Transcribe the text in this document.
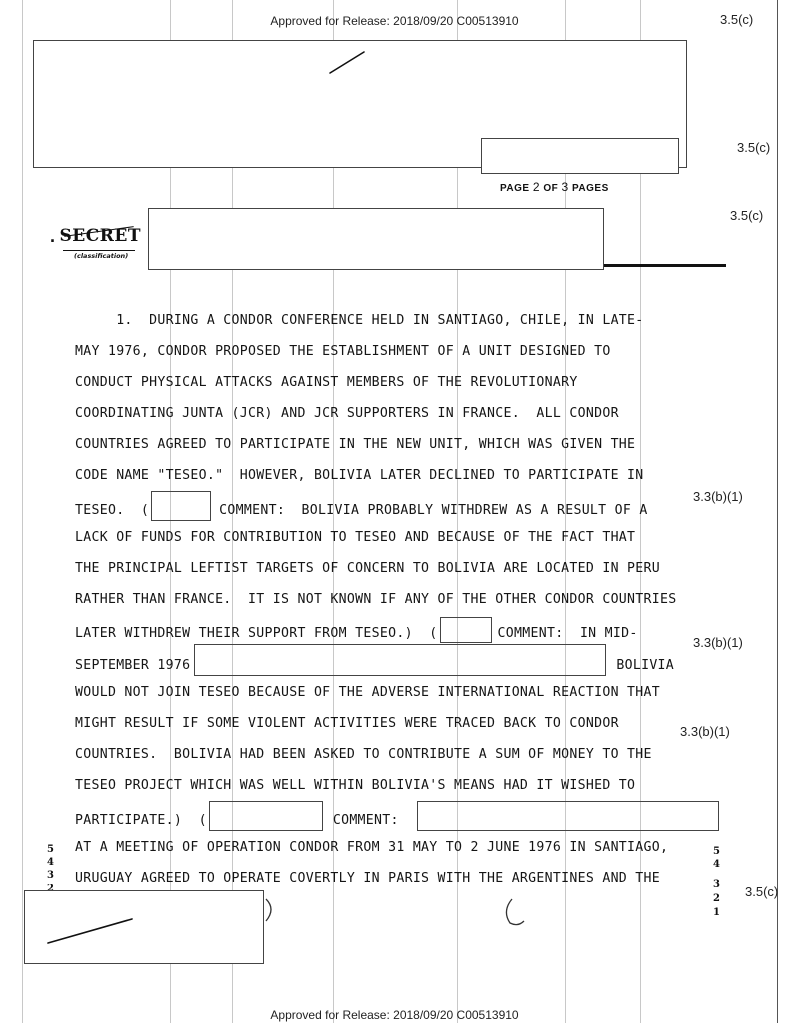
Approved for Release: 2018/09/20 C00513910	3.5(c)
3.5(c)
PAGE 2 OF 3 PAGES
. SECRET
(classification)
3.5(c)
1.  DURING A CONDOR CONFERENCE HELD IN SANTIAGO, CHILE, IN LATE-
MAY 1976, CONDOR PROPOSED THE ESTABLISHMENT OF A UNIT DESIGNED TO
CONDUCT PHYSICAL ATTACKS AGAINST MEMBERS OF THE REVOLUTIONARY
COORDINATING JUNTA (JCR) AND JCR SUPPORTERS IN FRANCE.  ALL CONDOR
COUNTRIES AGREED TO PARTICIPATE IN THE NEW UNIT, WHICH WAS GIVEN THE
CODE NAME "TESEO."  HOWEVER, BOLIVIA LATER DECLINED TO PARTICIPATE IN
TESEO.  (	COMMENT:  BOLIVIA PROBABLY WITHDREW AS A RESULT OF A
LACK OF FUNDS FOR CONTRIBUTION TO TESEO AND BECAUSE OF THE FACT THAT
THE PRINCIPAL LEFTIST TARGETS OF CONCERN TO BOLIVIA ARE LOCATED IN PERU
RATHER THAN FRANCE.  IT IS NOT KNOWN IF ANY OF THE OTHER CONDOR COUNTRIES
LATER WITHDREW THEIR SUPPORT FROM TESEO.)  (	COMMENT:  IN MID-
SEPTEMBER 1976	BOLIVIA
WOULD NOT JOIN TESEO BECAUSE OF THE ADVERSE INTERNATIONAL REACTION THAT
MIGHT RESULT IF SOME VIOLENT ACTIVITIES WERE TRACED BACK TO CONDOR
COUNTRIES.  BOLIVIA HAD BEEN ASKED TO CONTRIBUTE A SUM OF MONEY TO THE
TESEO PROJECT WHICH WAS WELL WITHIN BOLIVIA'S MEANS HAD IT WISHED TO
PARTICIPATE.)  (	COMMENT:
AT A MEETING OF OPERATION CONDOR FROM 31 MAY TO 2 JUNE 1976 IN SANTIAGO,
URUGUAY AGREED TO OPERATE COVERTLY IN PARIS WITH THE ARGENTINES AND THE
3.3(b)(1)
3.3(b)(1)
3.3(b)(1)
5
4
3
2
5
4
3
2
1
3.5(c)
Approved for Release: 2018/09/20 C00513910
